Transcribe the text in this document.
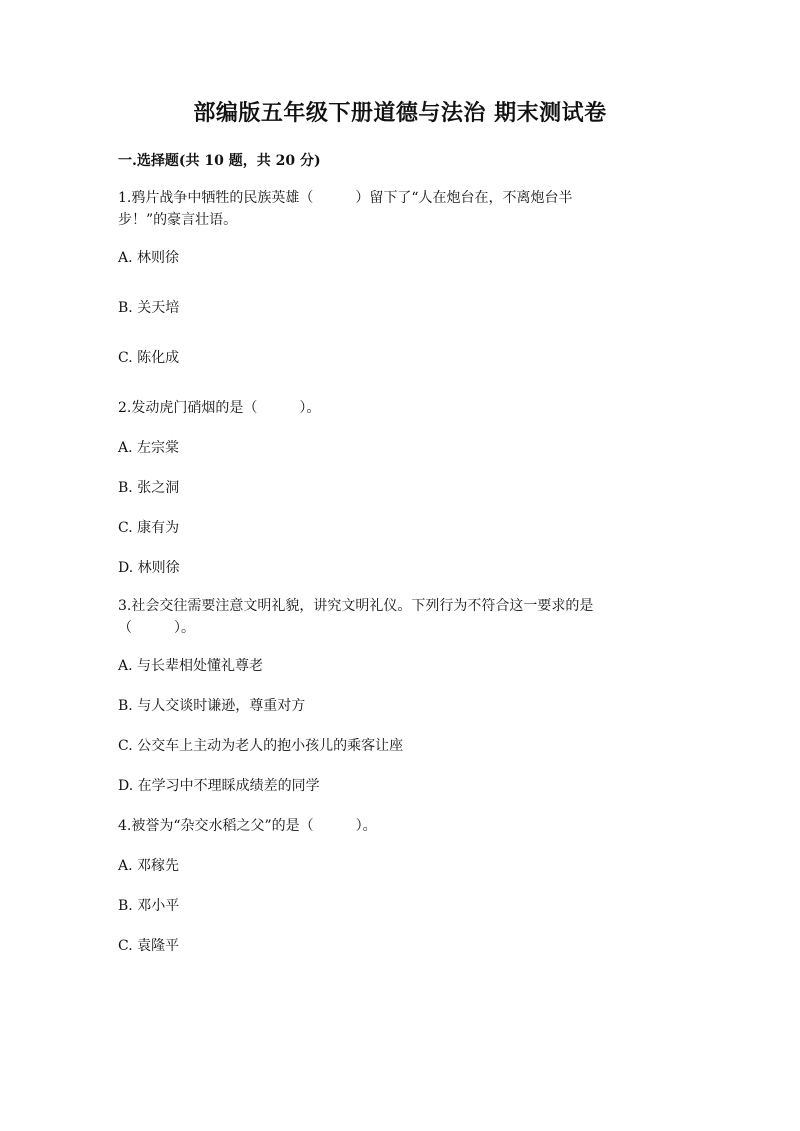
部编版五年级下册道德与法治 期末测试卷
一.选择题(共 10 题，共 20 分)
1.鸦片战争中牺牲的民族英雄（　　　）留下了“人在炮台在，不离炮台半
步！”的豪言壮语。
A. 林则徐
B. 关天培
C. 陈化成
2.发动虎门硝烟的是（　　　）。
A. 左宗棠
B. 张之洞
C. 康有为
D. 林则徐
3.社会交往需要注意文明礼貌，讲究文明礼仪。下列行为不符合这一要求的是
（　　　）。
A. 与长辈相处懂礼尊老
B. 与人交谈时谦逊，尊重对方
C. 公交车上主动为老人的抱小孩儿的乘客让座
D. 在学习中不理睬成绩差的同学
4.被誉为“杂交水稻之父”的是（　　　）。
A. 邓稼先
B. 邓小平
C. 袁隆平
